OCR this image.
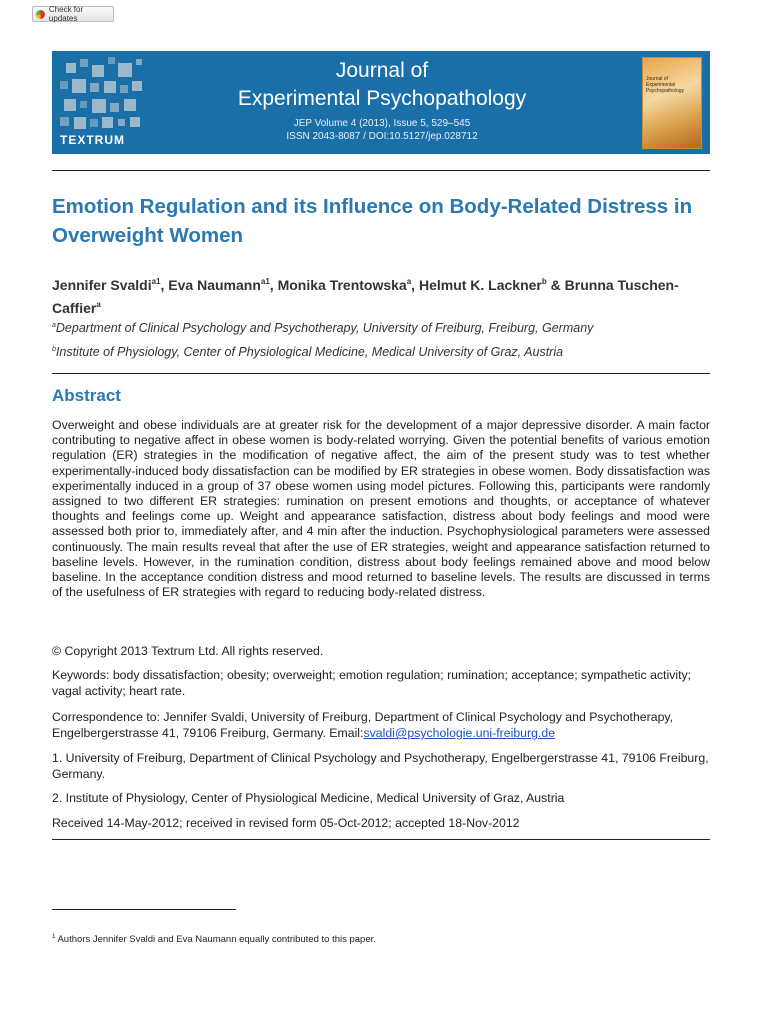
Check for updates
TEXTRUM
Journal of
Experimental Psychopathology
JEP Volume 4 (2013), Issue 5, 529–545
ISSN 2043-8087 / DOI:10.5127/jep.028712
Journal of Experimental Psychopathology
Emotion Regulation and its Influence on Body-Related Distress in Overweight Women
Jennifer Svaldi$^{a1}$, Eva Naumann$^{a1}$, Monika Trentowska$^a$, Helmut K. Lackner$^b$ & Brunna Tuschen-Caffier$^a$
$^a$Department of Clinical Psychology and Psychotherapy, University of Freiburg, Freiburg, Germany
$^b$Institute of Physiology, Center of Physiological Medicine, Medical University of Graz, Austria
Abstract
Overweight and obese individuals are at greater risk for the development of a major depressive disorder. A main factor contributing to negative affect in obese women is body-related worrying. Given the potential benefits of various emotion regulation (ER) strategies in the modification of negative affect, the aim of the present study was to test whether experimentally-induced body dissatisfaction can be modified by ER strategies in obese women. Body dissatisfaction was experimentally induced in a group of 37 obese women using model pictures. Following this, participants were randomly assigned to two different ER strategies: rumination on present emotions and thoughts, or acceptance of whatever thoughts and feelings come up. Weight and appearance satisfaction, distress about body feelings and mood were assessed both prior to, immediately after, and 4 min after the induction. Psychophysiological parameters were assessed continuously. The main results reveal that after the use of ER strategies, weight and appearance satisfaction returned to baseline levels. However, in the rumination condition, distress about body feelings remained above and mood below baseline. In the acceptance condition distress and mood returned to baseline levels. The results are discussed in terms of the usefulness of ER strategies with regard to reducing body-related distress.
© Copyright 2013 Textrum Ltd. All rights reserved.
Keywords: body dissatisfaction; obesity; overweight; emotion regulation; rumination; acceptance; sympathetic activity; vagal activity; heart rate.
Correspondence to: Jennifer Svaldi, University of Freiburg, Department of Clinical Psychology and Psychotherapy, Engelbergerstrasse 41, 79106 Freiburg, Germany. Email:svaldi@psychologie.uni-freiburg.de
1. University of Freiburg, Department of Clinical Psychology and Psychotherapy, Engelbergerstrasse 41, 79106 Freiburg, Germany.
2. Institute of Physiology, Center of Physiological Medicine, Medical University of Graz, Austria
Received 14-May-2012; received in revised form 05-Oct-2012; accepted 18-Nov-2012
$^1$ Authors Jennifer Svaldi and Eva Naumann equally contributed to this paper.
